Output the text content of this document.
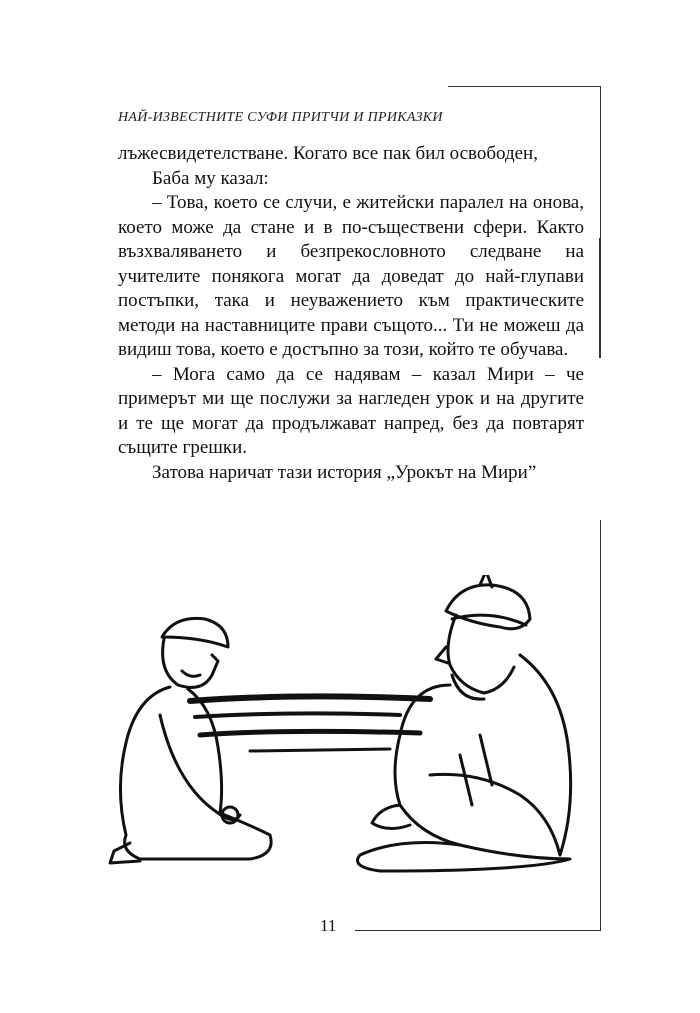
НАЙ-ИЗВЕСТНИТЕ СУФИ ПРИТЧИ И ПРИКАЗКИ

лъжесвидетелстване. Когато все пак бил освободен,

Баба му казал:

– Това, което се случи, е житейски паралел на онова, което може да стане и в по-съществени сфери. Както възхваляването и безпрекословното следване на учителите понякога могат да доведат до най-глупави постъпки, така и неуважението към практическите методи на наставниците прави същото... Ти не можеш да видиш това, което е достъпно за този, който те обучава.

– Мога само да се надявам – казал Мири – че примерът ми ще послужи за нагледен урок и на другите и те ще могат да продължават напред, без да повтарят същите грешки.

Затова наричат тази история „Урокът на Мири”

11
